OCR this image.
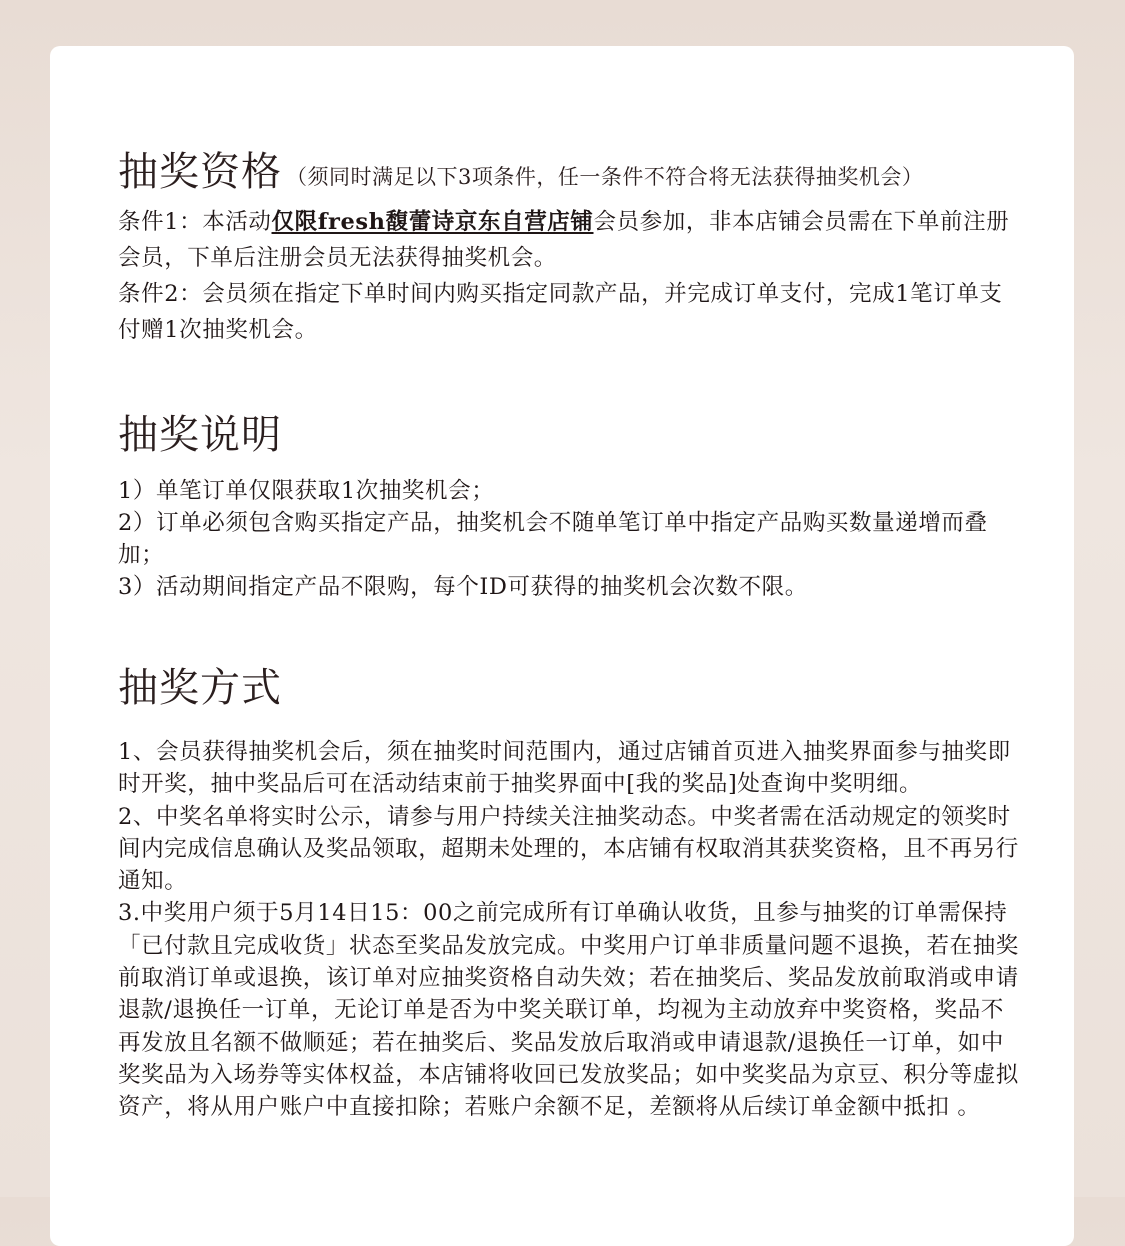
抽奖资格 （须同时满足以下3项条件，任一条件不符合将无法获得抽奖机会）

条件1：本活动仅限fresh馥蕾诗京东自营店铺会员参加，非本店铺会员需在下单前注册会员，下单后注册会员无法获得抽奖机会。

条件2：会员须在指定下单时间内购买指定同款产品，并完成订单支付，完成1笔订单支付赠1次抽奖机会。

抽奖说明

1）单笔订单仅限获取1次抽奖机会；

2）订单必须包含购买指定产品，抽奖机会不随单笔订单中指定产品购买数量递增而叠加；

3）活动期间指定产品不限购，每个ID可获得的抽奖机会次数不限。

抽奖方式

1、会员获得抽奖机会后，须在抽奖时间范围内，通过店铺首页进入抽奖界面参与抽奖即时开奖，抽中奖品后可在活动结束前于抽奖界面中[我的奖品]处查询中奖明细。

2、中奖名单将实时公示，请参与用户持续关注抽奖动态。中奖者需在活动规定的领奖时间内完成信息确认及奖品领取，超期未处理的，本店铺有权取消其获奖资格，且不再另行通知。

3.中奖用户须于5月14日15：00之前完成所有订单确认收货，且参与抽奖的订单需保持「已付款且完成收货」状态至奖品发放完成。中奖用户订单非质量问题不退换，若在抽奖前取消订单或退换，该订单对应抽奖资格自动失效；若在抽奖后、奖品发放前取消或申请退款/退换任一订单，无论订单是否为中奖关联订单，均视为主动放弃中奖资格，奖品不再发放且名额不做顺延；若在抽奖后、奖品发放后取消或申请退款/退换任一订单，如中奖奖品为入场券等实体权益，本店铺将收回已发放奖品；如中奖奖品为京豆、积分等虚拟资产，将从用户账户中直接扣除；若账户余额不足，差额将从后续订单金额中抵扣 。
